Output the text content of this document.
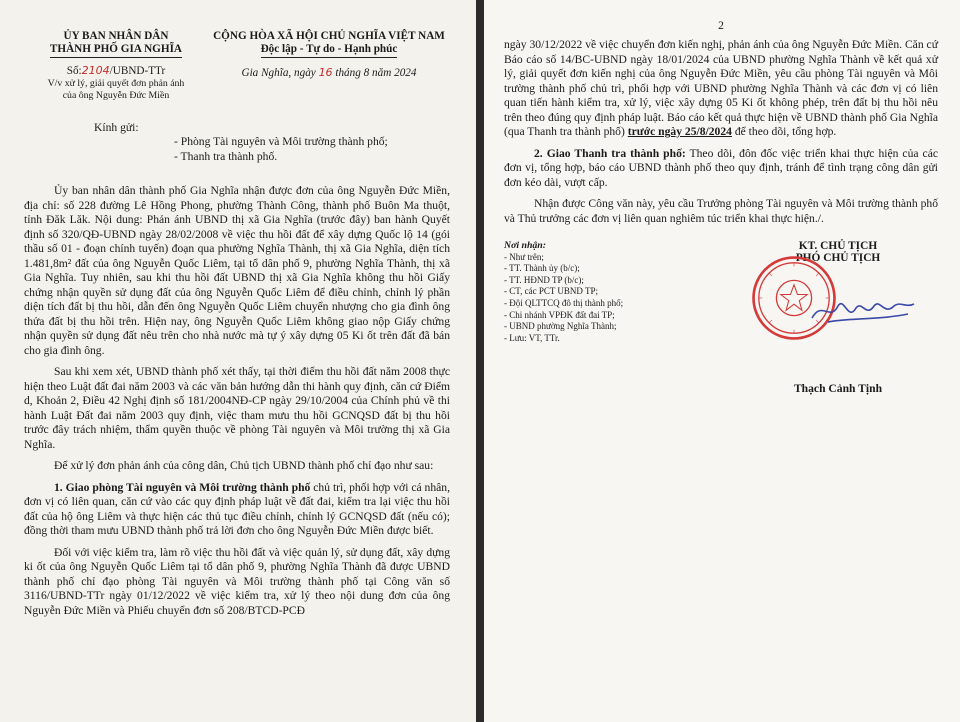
ỦY BAN NHÂN DÂN
THÀNH PHỐ GIA NGHĨA
Số:2104/UBND-TTr
V/v xử lý, giải quyết đơn phản ánh
của ông Nguyễn Đức Miền
CỘNG HÒA XÃ HỘI CHỦ NGHĨA VIỆT NAM
Độc lập - Tự do - Hạnh phúc
Gia Nghĩa, ngày 16 tháng 8 năm 2024
Kính gửi:
- Phòng Tài nguyên và Môi trường thành phố;
- Thanh tra thành phố.

Ủy ban nhân dân thành phố Gia Nghĩa nhận được đơn của ông Nguyễn Đức Miền, địa chỉ: số 228 đường Lê Hồng Phong, phường Thành Công, thành phố Buôn Ma thuột, tỉnh Đăk Lăk. Nội dung: Phản ánh UBND thị xã Gia Nghĩa (trước đây) ban hành Quyết định số 320/QĐ-UBND ngày 28/02/2008 về việc thu hồi đất để xây dựng Quốc lộ 14 (gói thầu số 01 - đoạn chính tuyến) đoạn qua phường Nghĩa Thành, thị xã Gia Nghĩa, diện tích 1.481,8m² đất của ông Nguyễn Quốc Liêm, tại tổ dân phố 9, phường Nghĩa Thành, thị xã Gia Nghĩa. Tuy nhiên, sau khi thu hồi đất UBND thị xã Gia Nghĩa không thu hồi Giấy chứng nhận quyền sử dụng đất của ông Nguyễn Quốc Liêm để điều chỉnh, chỉnh lý phần diện tích đất bị thu hồi, dẫn đến ông Nguyễn Quốc Liêm chuyển nhượng cho gia đình ông thửa đất bị thu hồi trên. Hiện nay, ông Nguyễn Quốc Liêm không giao nộp Giấy chứng nhận quyền sử dụng đất nêu trên cho nhà nước mà tự ý xây dựng 05 Ki ốt trên đất đã bán cho gia đình ông.

Sau khi xem xét, UBND thành phố xét thấy, tại thời điểm thu hồi đất năm 2008 thực hiện theo Luật đất đai năm 2003 và các văn bản hướng dẫn thi hành quy định, căn cứ Điểm d, Khoản 2, Điều 42 Nghị định số 181/2004NĐ-CP ngày 29/10/2004 của Chính phủ về thi hành Luật Đất đai năm 2003 quy định, việc tham mưu thu hồi GCNQSD đất bị thu hồi trước đây trách nhiệm, thẩm quyền thuộc về phòng Tài nguyên và Môi trường thị xã Gia Nghĩa.

Để xử lý đơn phản ánh của công dân, Chủ tịch UBND thành phố chỉ đạo như sau:

1. Giao phòng Tài nguyên và Môi trường thành phố chủ trì, phối hợp với cá nhân, đơn vị có liên quan, căn cứ vào các quy định pháp luật về đất đai, kiểm tra lại việc thu hồi đất của hộ ông Liêm và thực hiện các thủ tục điều chỉnh, chỉnh lý GCNQSD đất (nếu có); đồng thời tham mưu UBND thành phố trả lời đơn cho ông Nguyễn Đức Miền được biết.

Đối với việc kiểm tra, làm rõ việc thu hồi đất và việc quản lý, sử dụng đất, xây dựng ki ốt của ông Nguyễn Quốc Liêm tại tổ dân phố 9, phường Nghĩa Thành đã được UBND thành phố chỉ đạo phòng Tài nguyên và Môi trường thành phố tại Công văn số 3116/UBND-TTr ngày 01/12/2022 về việc kiểm tra, xử lý theo nội dung đơn của ông Nguyễn Đức Miền và Phiếu chuyển đơn số 208/BTCD-PCĐ

2

ngày 30/12/2022 về việc chuyển đơn kiến nghị, phản ánh của ông Nguyễn Đức Miền. Căn cứ Báo cáo số 14/BC-UBND ngày 18/01/2024 của UBND phường Nghĩa Thành về kết quả xử lý, giải quyết đơn kiến nghị của ông Nguyễn Đức Miền, yêu cầu phòng Tài nguyên và Môi trường thành phố chủ trì, phối hợp với UBND phường Nghĩa Thành và các đơn vị có liên quan tiến hành kiểm tra, xử lý, việc xây dựng 05 Ki ốt không phép, trên đất bị thu hồi nêu trên theo đúng quy định pháp luật. Báo cáo kết quả thực hiện về UBND thành phố Gia Nghĩa (qua Thanh tra thành phố) trước ngày 25/8/2024 để theo dõi, tổng hợp.

2. Giao Thanh tra thành phố: Theo dõi, đôn đốc việc triển khai thực hiện của các đơn vị, tổng hợp, báo cáo UBND thành phố theo quy định, tránh để tình trạng công dân gửi đơn kéo dài, vượt cấp.

Nhận được Công văn này, yêu cầu Trưởng phòng Tài nguyên và Môi trường thành phố và Thủ trưởng các đơn vị liên quan nghiêm túc triển khai thực hiện./.

Nơi nhận:
- Như trên;
- TT. Thành ủy (b/c);
- TT. HĐND TP (b/c);
- CT, các PCT UBND TP;
- Đội QLTTCQ đô thị thành phố;
- Chi nhánh VPĐK đất đai TP;
- UBND phường Nghĩa Thành;
- Lưu: VT, TTr.
KT. CHỦ TỊCH
PHÓ CHỦ TỊCH
Thạch Cảnh Tịnh
